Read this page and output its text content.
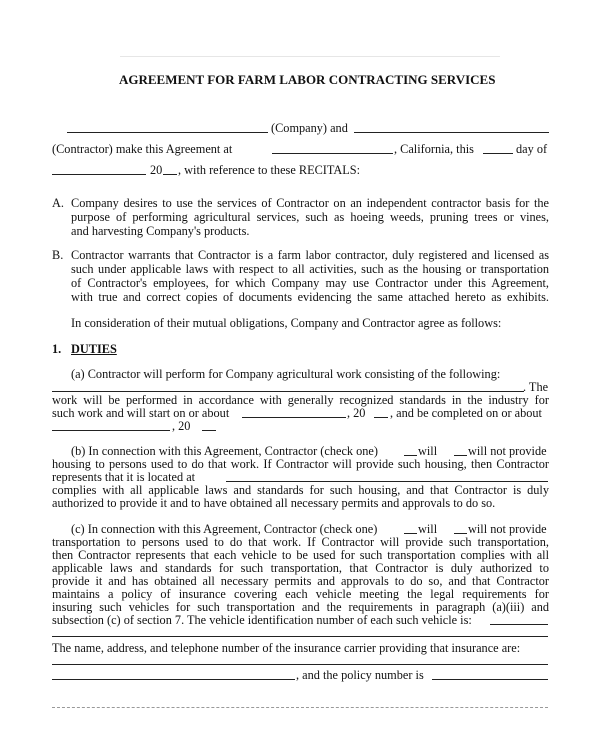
AGREEMENT FOR FARM LABOR CONTRACTING SERVICES
(Company) and
(Contractor) make this Agreement at	, California, this	day of
20 , with reference to these RECITALS:
A. Company desires to use the services of Contractor on an independent contractor basis for the
purpose of performing agricultural services, such as hoeing weeds, pruning trees or vines,
and harvesting Company's products.
B. Contractor warrants that Contractor is a farm labor contractor, duly registered and licensed as
such under applicable laws with respect to all activities, such as the housing or transportation
of Contractor's employees, for which Company may use Contractor under this Agreement,
with true and correct copies of documents evidencing the same attached hereto as exhibits.
In consideration of their mutual obligations, Company and Contractor agree as follows:
1. DUTIES
(a) Contractor will perform for Company agricultural work consisting of the following:
. The
work will be performed in accordance with generally recognized standards in the industry for
such work and will start on or about	, 20 , and be completed on or about
, 20
(b) In connection with this Agreement, Contractor (check one)	will	will not provide
housing to persons used to do that work. If Contractor will provide such housing, then Contractor
represents that it is located at
complies with all applicable laws and standards for such housing, and that Contractor is duly
authorized to provide it and to have obtained all necessary permits and approvals to do so.
(c) In connection with this Agreement, Contractor (check one)	will	will not provide
transportation to persons used to do that work. If Contractor will provide such transportation,
then Contractor represents that each vehicle to be used for such transportation complies with all
applicable laws and standards for such transportation, that Contractor is duly authorized to
provide it and has obtained all necessary permits and approvals to do so, and that Contractor
maintains a policy of insurance covering each vehicle meeting the legal requirements for
insuring such vehicles for such transportation and the requirements in paragraph (a)(iii) and
subsection (c) of section 7. The vehicle identification number of each such vehicle is:
The name, address, and telephone number of the insurance carrier providing that insurance are:
, and the policy number is
